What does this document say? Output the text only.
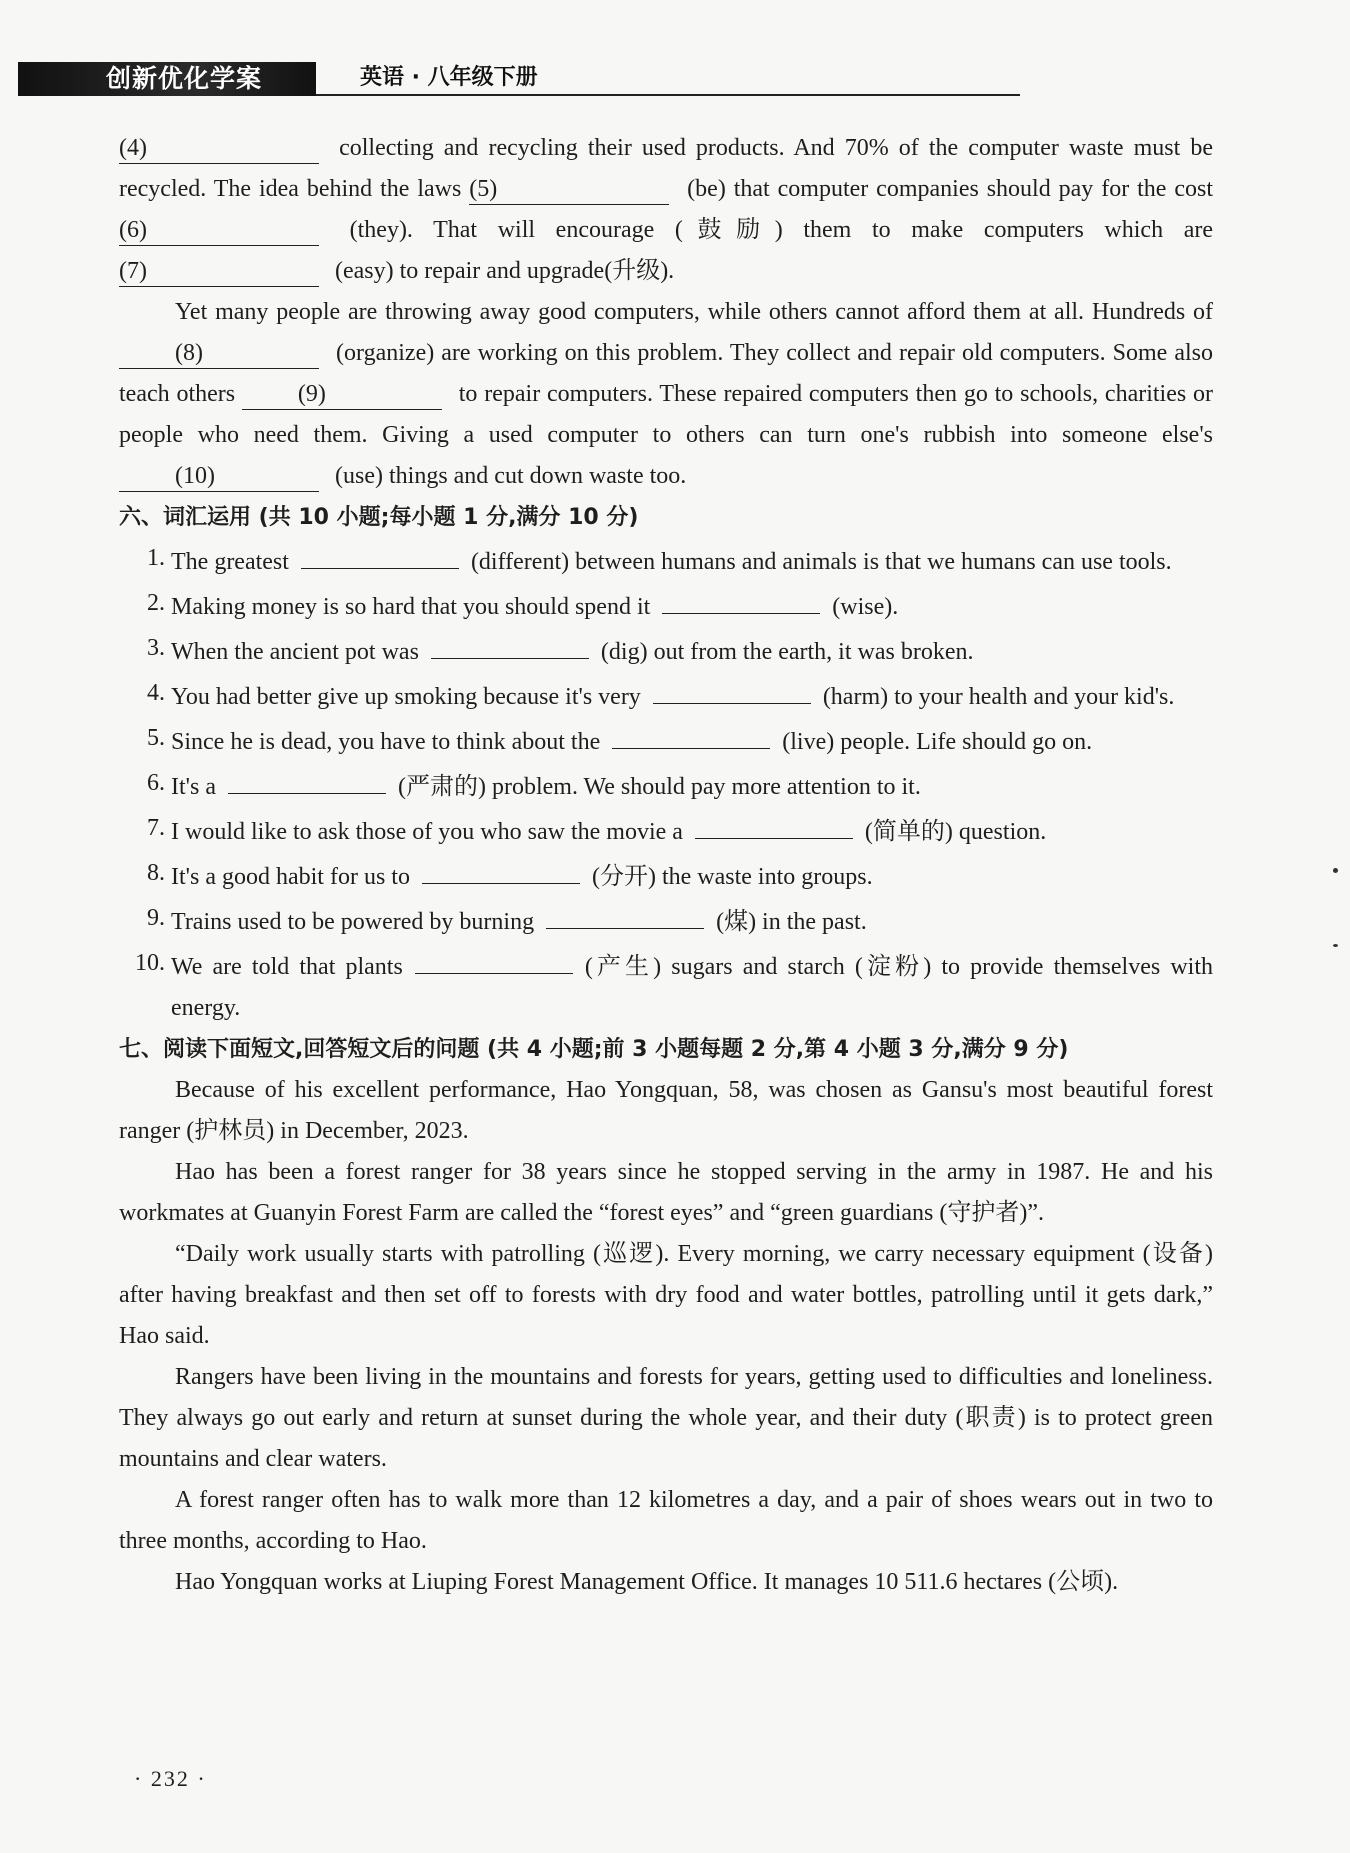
创新优化学案	英语 · 八年级下册

(4)	collecting and recycling their used products. And 70% of the computer waste must be recycled. The idea behind the laws (5)	(be) that computer companies should pay for the cost (6)	(they). That will encourage (鼓励) them to make computers which are (7)	(easy) to repair and upgrade(升级).

Yet many people are throwing away good computers, while others cannot afford them at all. Hundreds of (8)	(organize) are working on this problem. They collect and repair old computers. Some also teach others	(9)	to repair computers. These repaired computers then go to schools, charities or people who need them. Giving a used computer to others can turn one's rubbish into someone else's (10)	(use) things and cut down waste too.

六、词汇运用 (共 10 小题;每小题 1 分,满分 10 分)
1. The greatest	(different) between humans and animals is that we humans can use tools.
2. Making money is so hard that you should spend it	(wise).
3. When the ancient pot was	(dig) out from the earth, it was broken.
4. You had better give up smoking because it's very	(harm) to your health and your kid's.
5. Since he is dead, you have to think about the	(live) people. Life should go on.
6. It's a	(严肃的) problem. We should pay more attention to it.
7. I would like to ask those of you who saw the movie a	(简单的) question.
8. It's a good habit for us to	(分开) the waste into groups.
9. Trains used to be powered by burning	(煤) in the past.
10. We are told that plants	(产生) sugars and starch (淀粉) to provide themselves with energy.
七、阅读下面短文,回答短文后的问题 (共 4 小题;前 3 小题每题 2 分,第 4 小题 3 分,满分 9 分)

Because of his excellent performance, Hao Yongquan, 58, was chosen as Gansu's most beautiful forest ranger (护林员) in December, 2023.

Hao has been a forest ranger for 38 years since he stopped serving in the army in 1987. He and his workmates at Guanyin Forest Farm are called the “forest eyes” and “green guardians (守护者)”.

“Daily work usually starts with patrolling (巡逻). Every morning, we carry necessary equipment (设备) after having breakfast and then set off to forests with dry food and water bottles, patrolling until it gets dark,” Hao said.

Rangers have been living in the mountains and forests for years, getting used to difficulties and loneliness. They always go out early and return at sunset during the whole year, and their duty (职责) is to protect green mountains and clear waters.

A forest ranger often has to walk more than 12 kilometres a day, and a pair of shoes wears out in two to three months, according to Hao.

Hao Yongquan works at Liuping Forest Management Office. It manages 10 511.6 hectares (公顷).

· 232 ·
